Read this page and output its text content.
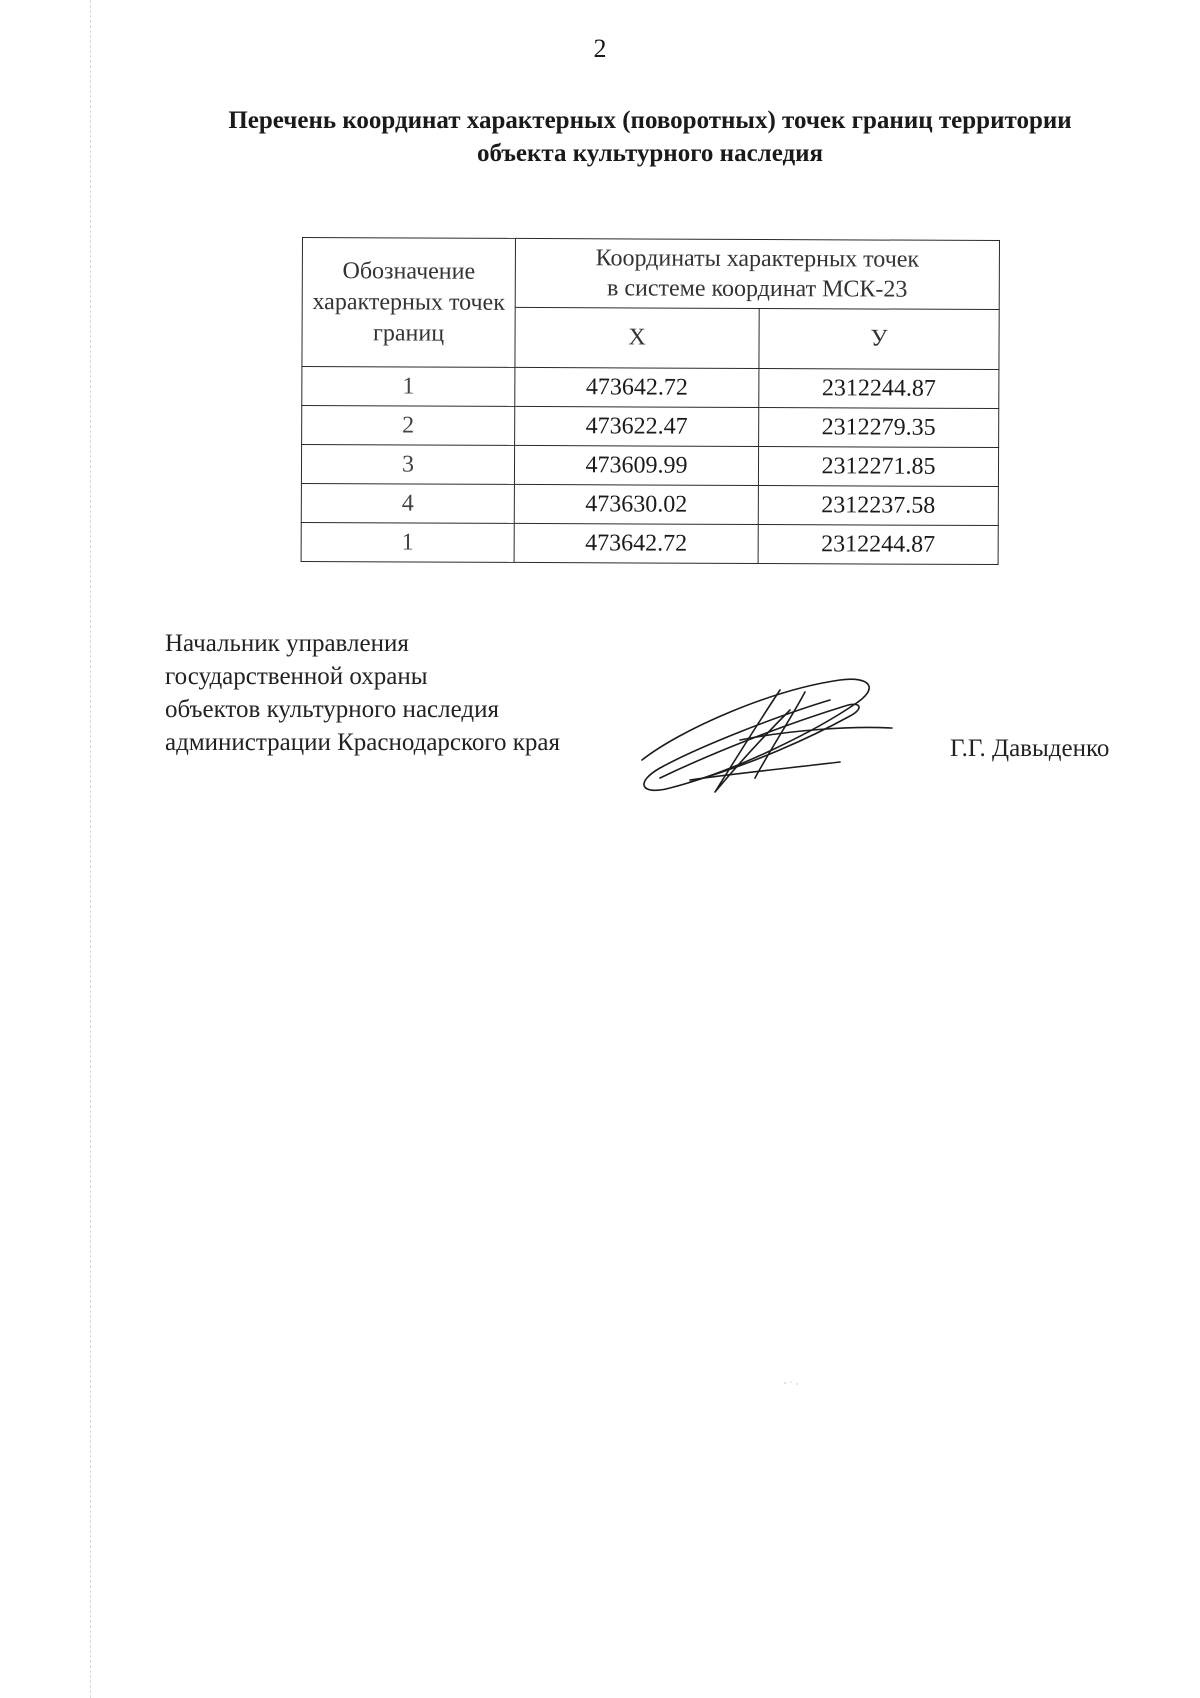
2
Перечень координат характерных (поворотных) точек границ территории
объекта культурного наследия
Обозначение характерных точек границ	Координаты характерных точек
в системе координат МСК-23	

	X	У
1	473642.72	2312244.87
2	473622.47	2312279.35
3	473609.99	2312271.85
4	473630.02	2312237.58
1	473642.72	2312244.87
Начальник управления
государственной охраны
объектов культурного наследия
администрации Краснодарского края	Г.Г. Давыденко
